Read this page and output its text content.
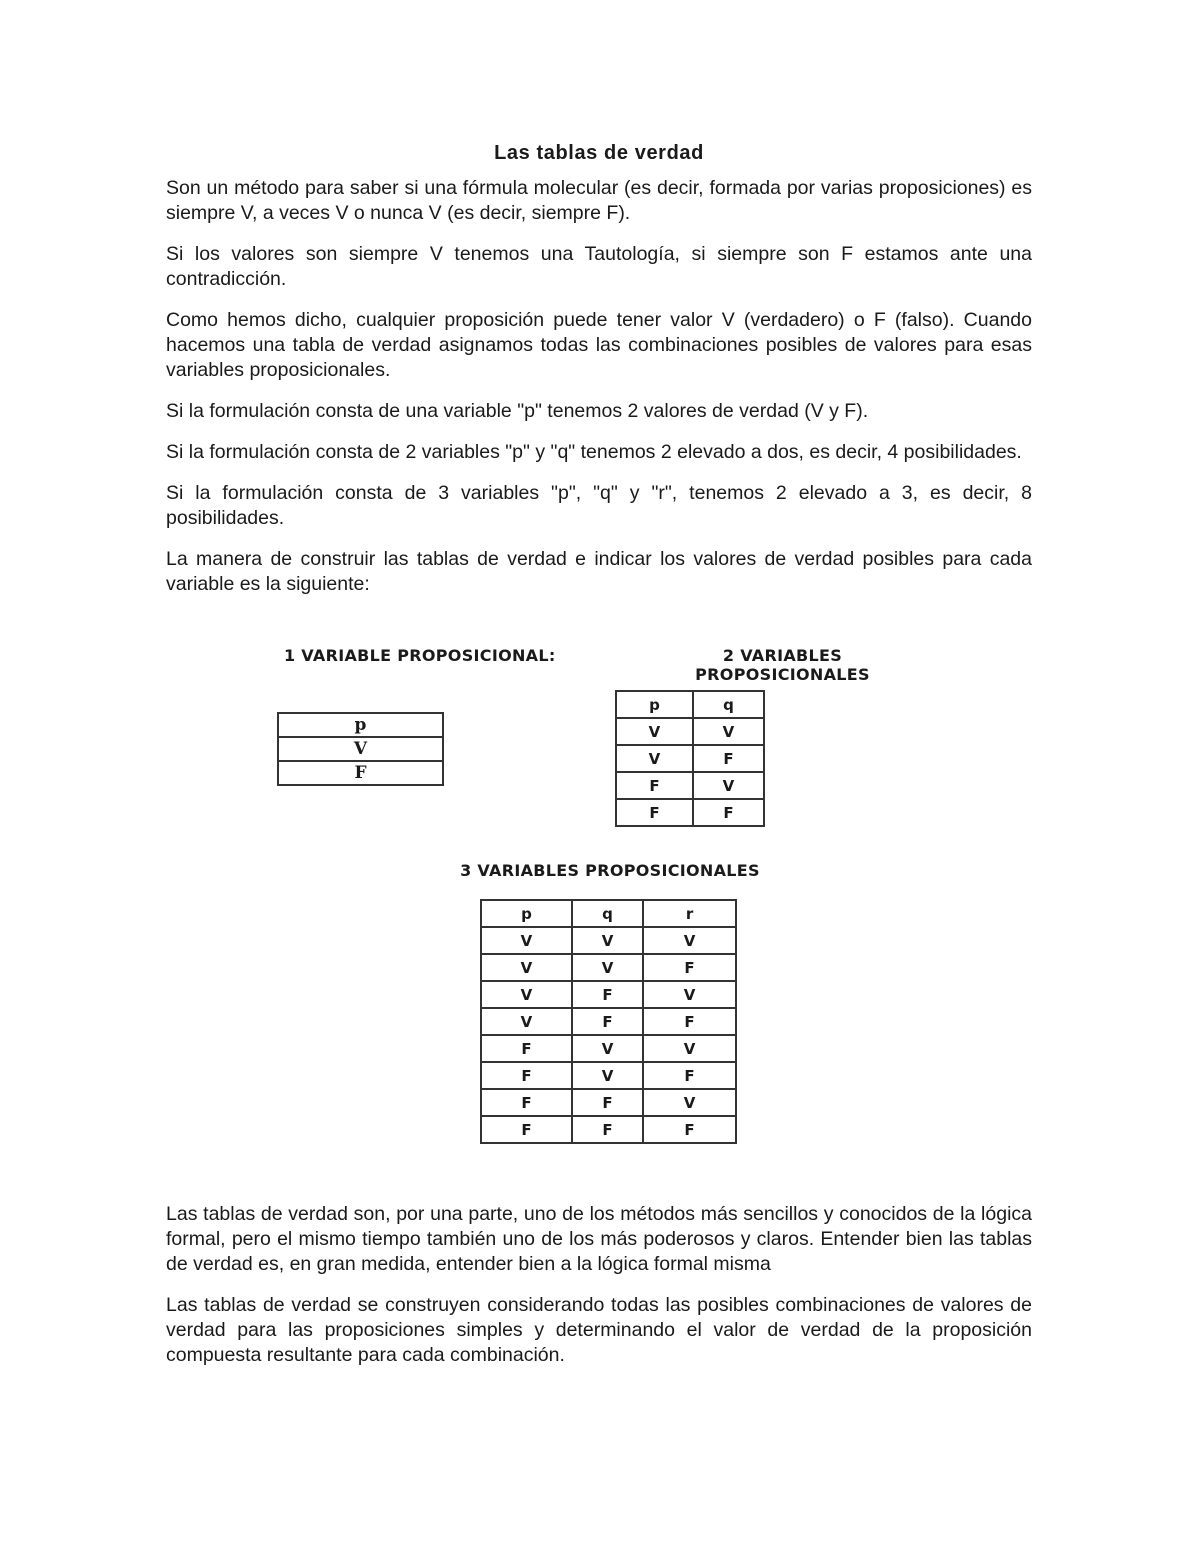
Las tablas de verdad

Son un método para saber si una fórmula molecular (es decir, formada por varias proposiciones) es siempre V, a veces V o nunca V (es decir, siempre F).

Si los valores son siempre V tenemos una Tautología, si siempre son F estamos ante una contradicción.

Como hemos dicho, cualquier proposición puede tener valor V (verdadero) o F (falso). Cuando hacemos una tabla de verdad asignamos todas las combinaciones posibles de valores para esas variables proposicionales.

Si la formulación consta de una variable "p" tenemos 2 valores de verdad (V y F).

Si la formulación consta de 2 variables "p" y "q" tenemos 2 elevado a dos, es decir, 4 posibilidades.

Si la formulación consta de 3 variables "p", "q" y "r", tenemos 2 elevado a 3, es decir, 8 posibilidades.

La manera de construir las tablas de verdad e indicar los valores de verdad posibles para cada variable es la siguiente:

1 VARIABLE PROPOSICIONAL:	2 VARIABLES
PROPOSICIONALES
p
V
F
p	q
V	V
V	F
F	V
F	F
3 VARIABLES PROPOSICIONALES
p	q	r
V	V	V
V	V	F
V	F	V
V	F	F
F	V	V
F	V	F
F	F	V
F	F	F

Las tablas de verdad son, por una parte, uno de los métodos más sencillos y conocidos de la lógica formal, pero el mismo tiempo también uno de los más poderosos y claros. Entender bien las tablas de verdad es, en gran medida, entender bien a la lógica formal misma

Las tablas de verdad se construyen considerando todas las posibles combinaciones de valores de verdad para las proposiciones simples y determinando el valor de verdad de la proposición compuesta resultante para cada combinación.
